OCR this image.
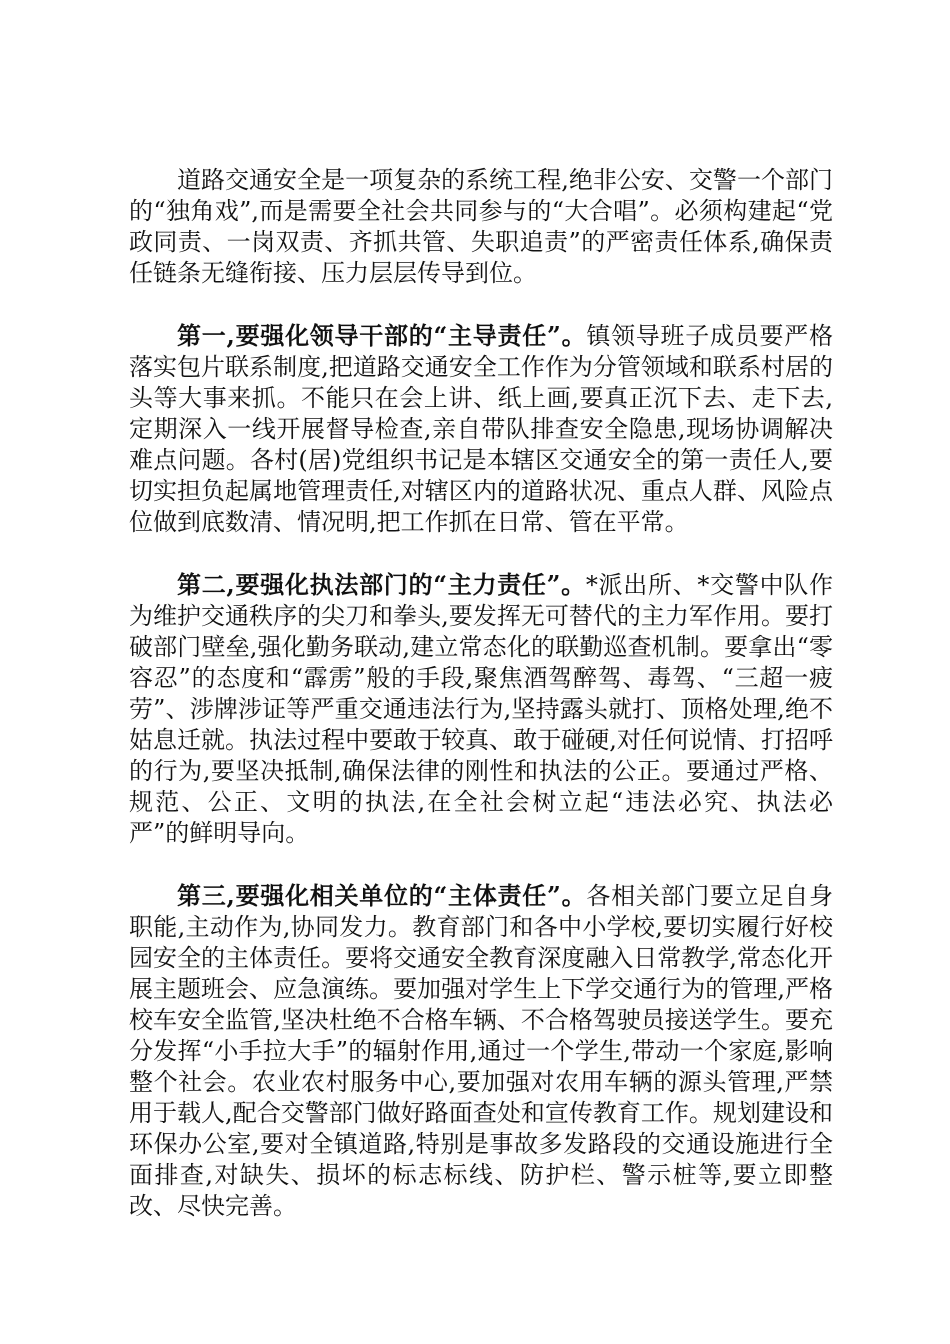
道路交通安全是一项复杂的系统工程,绝非公安、交警一个部门的“独角戏”,而是需要全社会共同参与的“大合唱”。必须构建起“党政同责、一岗双责、齐抓共管、失职追责”的严密责任体系,确保责任链条无缝衔接、压力层层传导到位。

第一,要强化领导干部的“主导责任”。镇领导班子成员要严格落实包片联系制度,把道路交通安全工作作为分管领域和联系村居的头等大事来抓。不能只在会上讲、纸上画,要真正沉下去、走下去,定期深入一线开展督导检查,亲自带队排查安全隐患,现场协调解决难点问题。各村(居)党组织书记是本辖区交通安全的第一责任人,要切实担负起属地管理责任,对辖区内的道路状况、重点人群、风险点位做到底数清、情况明,把工作抓在日常、管在平常。

第二,要强化执法部门的“主力责任”。*派出所、*交警中队作为维护交通秩序的尖刀和拳头,要发挥无可替代的主力军作用。要打破部门壁垒,强化勤务联动,建立常态化的联勤巡查机制。要拿出“零容忍”的态度和“霹雳”般的手段,聚焦酒驾醉驾、毒驾、“三超一疲劳”、涉牌涉证等严重交通违法行为,坚持露头就打、顶格处理,绝不姑息迁就。执法过程中要敢于较真、敢于碰硬,对任何说情、打招呼的行为,要坚决抵制,确保法律的刚性和执法的公正。要通过严格、规范、公正、文明的执法,在全社会树立起“违法必究、执法必严”的鲜明导向。

第三,要强化相关单位的“主体责任”。各相关部门要立足自身职能,主动作为,协同发力。教育部门和各中小学校,要切实履行好校园安全的主体责任。要将交通安全教育深度融入日常教学,常态化开展主题班会、应急演练。要加强对学生上下学交通行为的管理,严格校车安全监管,坚决杜绝不合格车辆、不合格驾驶员接送学生。要充分发挥“小手拉大手”的辐射作用,通过一个学生,带动一个家庭,影响整个社会。农业农村服务中心,要加强对农用车辆的源头管理,严禁用于载人,配合交警部门做好路面查处和宣传教育工作。规划建设和环保办公室,要对全镇道路,特别是事故多发路段的交通设施进行全面排查,对缺失、损坏的标志标线、防护栏、警示桩等,要立即整改、尽快完善。
